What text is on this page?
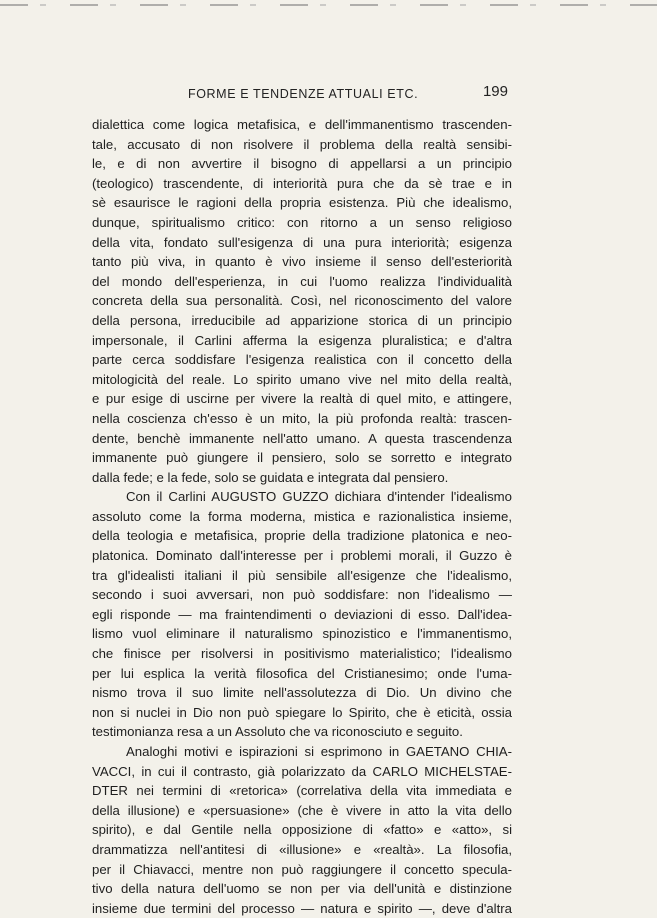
FORME E TENDENZE ATTUALI ETC.	199
dialettica come logica metafisica, e dell'immanentismo trascenden-
tale, accusato di non risolvere il problema della realtà sensibi-
le, e di non avvertire il bisogno di appellarsi a un principio
(teologico) trascendente, di interiorità pura che da sè trae e in
sè esaurisce le ragioni della propria esistenza. Più che idealismo,
dunque, spiritualismo critico: con ritorno a un senso religioso
della vita, fondato sull'esigenza di una pura interiorità; esigenza
tanto più viva, in quanto è vivo insieme il senso dell'esteriorità
del mondo dell'esperienza, in cui l'uomo realizza l'individualità
concreta della sua personalità. Così, nel riconoscimento del valore
della persona, irreducibile ad apparizione storica di un principio
impersonale, il Carlini afferma la esigenza pluralistica; e d'altra
parte cerca soddisfare l'esigenza realistica con il concetto della
mitologicità del reale. Lo spirito umano vive nel mito della realtà,
e pur esige di uscirne per vivere la realtà di quel mito, e attingere,
nella coscienza ch'esso è un mito, la più profonda realtà: trascen-
dente, benchè immanente nell'atto umano. A questa trascendenza
immanente può giungere il pensiero, solo se sorretto e integrato
dalla fede; e la fede, solo se guidata e integrata dal pensiero.
Con il Carlini AUGUSTO GUZZO dichiara d'intender l'idealismo
assoluto come la forma moderna, mistica e razionalistica insieme,
della teologia e metafisica, proprie della tradizione platonica e neo-
platonica. Dominato dall'interesse per i problemi morali, il Guzzo è
tra gl'idealisti italiani il più sensibile all'esigenze che l'idealismo,
secondo i suoi avversari, non può soddisfare: non l'idealismo —
egli risponde — ma fraintendimenti o deviazioni di esso. Dall'idea-
lismo vuol eliminare il naturalismo spinozistico e l'immanentismo,
che finisce per risolversi in positivismo materialistico; l'idealismo
per lui esplica la verità filosofica del Cristianesimo; onde l'uma-
nismo trova il suo limite nell'assolutezza di Dio. Un divino che
non si nuclei in Dio non può spiegare lo Spirito, che è eticità, ossia
testimonianza resa a un Assoluto che va riconosciuto e seguito.
Analoghi motivi e ispirazioni si esprimono in GAETANO CHIA-
VACCI, in cui il contrasto, già polarizzato da CARLO MICHELSTAE-
DTER nei termini di «retorica» (correlativa della vita immediata e
della illusione) e «persuasione» (che è vivere in atto la vita dello
spirito), e dal Gentile nella opposizione di «fatto» e «atto», si
drammatizza nell'antitesi di «illusione» e «realtà». La filosofia,
per il Chiavacci, mentre non può raggiungere il concetto specula-
tivo della natura dell'uomo se non per via dell'unità e distinzione
insieme due termini del processo — natura e spirito —, deve d'altra
